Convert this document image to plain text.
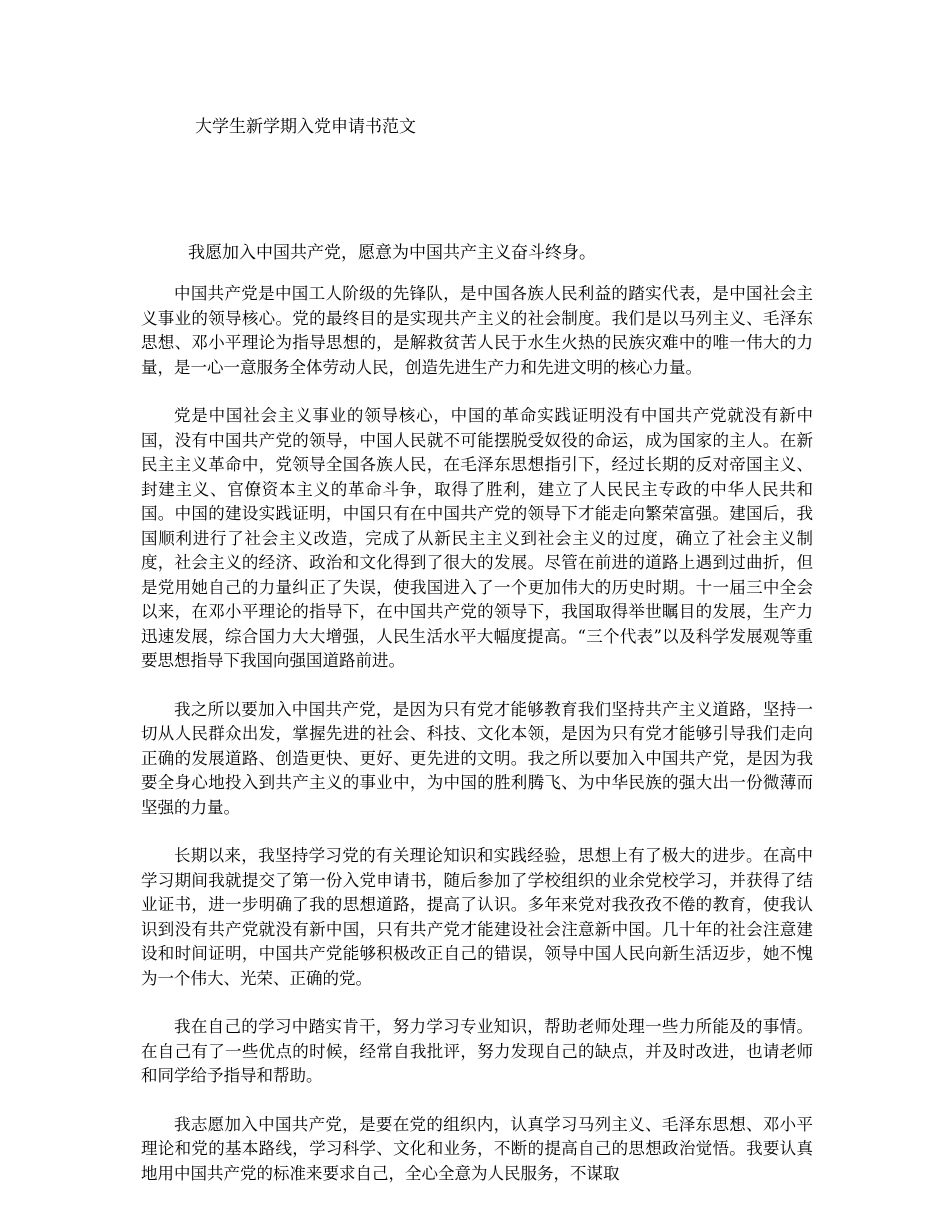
大学生新学期入党申请书范文
我愿加入中国共产党，愿意为中国共产主义奋斗终身。

中国共产党是中国工人阶级的先锋队，是中国各族人民利益的踏实代表，是中国社会主义事业的领导核心。党的最终目的是实现共产主义的社会制度。我们是以马列主义、毛泽东思想、邓小平理论为指导思想的，是解救贫苦人民于水生火热的民族灾难中的唯一伟大的力量，是一心一意服务全体劳动人民，创造先进生产力和先进文明的核心力量。

党是中国社会主义事业的领导核心，中国的革命实践证明没有中国共产党就没有新中国，没有中国共产党的领导，中国人民就不可能摆脱受奴役的命运，成为国家的主人。在新民主主义革命中，党领导全国各族人民，在毛泽东思想指引下，经过长期的反对帝国主义、封建主义、官僚资本主义的革命斗争，取得了胜利，建立了人民民主专政的中华人民共和国。中国的建设实践证明，中国只有在中国共产党的领导下才能走向繁荣富强。建国后，我国顺利进行了社会主义改造，完成了从新民主主义到社会主义的过度，确立了社会主义制度，社会主义的经济、政治和文化得到了很大的发展。尽管在前进的道路上遇到过曲折，但是党用她自己的力量纠正了失误，使我国进入了一个更加伟大的历史时期。十一届三中全会以来，在邓小平理论的指导下，在中国共产党的领导下，我国取得举世瞩目的发展，生产力迅速发展，综合国力大大增强，人民生活水平大幅度提高。“三个代表”以及科学发展观等重要思想指导下我国向强国道路前进。

我之所以要加入中国共产党，是因为只有党才能够教育我们坚持共产主义道路，坚持一切从人民群众出发，掌握先进的社会、科技、文化本领，是因为只有党才能够引导我们走向正确的发展道路、创造更快、更好、更先进的文明。我之所以要加入中国共产党，是因为我要全身心地投入到共产主义的事业中，为中国的胜利腾飞、为中华民族的强大出一份微薄而坚强的力量。

长期以来，我坚持学习党的有关理论知识和实践经验，思想上有了极大的进步。在高中学习期间我就提交了第一份入党申请书，随后参加了学校组织的业余党校学习，并获得了结业证书，进一步明确了我的思想道路，提高了认识。多年来党对我孜孜不倦的教育，使我认识到没有共产党就没有新中国，只有共产党才能建设社会注意新中国。几十年的社会注意建设和时间证明，中国共产党能够积极改正自己的错误，领导中国人民向新生活迈步，她不愧为一个伟大、光荣、正确的党。

我在自己的学习中踏实肯干，努力学习专业知识，帮助老师处理一些力所能及的事情。在自己有了一些优点的时候，经常自我批评，努力发现自己的缺点，并及时改进，也请老师和同学给予指导和帮助。

我志愿加入中国共产党，是要在党的组织内，认真学习马列主义、毛泽东思想、邓小平理论和党的基本路线，学习科学、文化和业务，不断的提高自己的思想政治觉悟。我要认真地用中国共产党的标准来要求自己，全心全意为人民服务，不谋取
